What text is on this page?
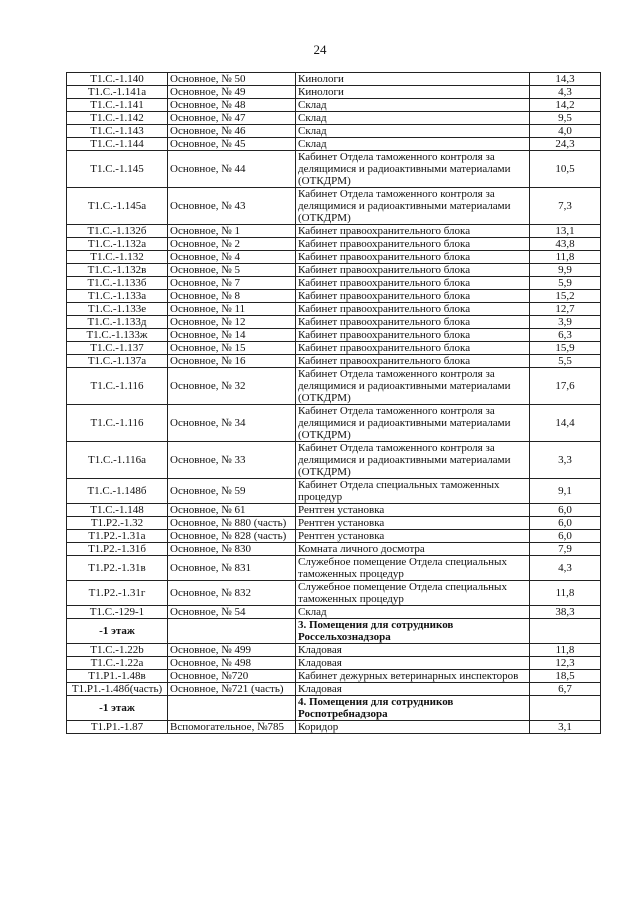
24
Т1.С.-1.140	Основное, № 50	Кинологи	14,3
Т1.С.-1.141а	Основное, № 49	Кинологи	4,3
Т1.С.-1.141	Основное, № 48	Склад	14,2
Т1.С.-1.142	Основное, № 47	Склад	9,5
Т1.С.-1.143	Основное, № 46	Склад	4,0
Т1.С.-1.144	Основное, № 45	Склад	24,3
Т1.С.-1.145	Основное, № 44	Кабинет Отдела таможенного контроля за делящимися и радиоактивными материалами (ОТКДРМ)	10,5
Т1.С.-1.145а	Основное, № 43	Кабинет Отдела таможенного контроля за делящимися и радиоактивными материалами (ОТКДРМ)	7,3
Т1.С.-1.132б	Основное, № 1	Кабинет правоохранительного блока	13,1
Т1.С.-1.132а	Основное, № 2	Кабинет правоохранительного блока	43,8
Т1.С.-1.132	Основное, № 4	Кабинет правоохранительного блока	11,8
Т1.С.-1.132в	Основное, № 5	Кабинет правоохранительного блока	9,9
Т1.С.-1.133б	Основное, № 7	Кабинет правоохранительного блока	5,9
Т1.С.-1.133а	Основное, № 8	Кабинет правоохранительного блока	15,2
Т1.С.-1.133е	Основное, № 11	Кабинет правоохранительного блока	12,7
Т1.С.-1.133д	Основное, № 12	Кабинет правоохранительного блока	3,9
Т1.С.-1.133ж	Основное, № 14	Кабинет правоохранительного блока	6,3
Т1.С.-1.137	Основное, № 15	Кабинет правоохранительного блока	15,9
Т1.С.-1.137а	Основное, № 16	Кабинет правоохранительного блока	5,5
Т1.С.-1.116	Основное, № 32	Кабинет Отдела таможенного контроля за делящимися и радиоактивными материалами (ОТКДРМ)	17,6
Т1.С.-1.116	Основное, № 34	Кабинет Отдела таможенного контроля за делящимися и радиоактивными материалами (ОТКДРМ)	14,4
Т1.С.-1.116а	Основное, № 33	Кабинет Отдела таможенного контроля за делящимися и радиоактивными материалами (ОТКДРМ)	3,3
Т1.С.-1.148б	Основное, № 59	Кабинет Отдела специальных таможенных процедур	9,1
Т1.С.-1.148	Основное, № 61	Рентген установка	6,0
Т1.Р2.-1.32	Основное, № 880 (часть)	Рентген установка	6,0
Т1.Р2.-1.31а	Основное, № 828 (часть)	Рентген установка	6,0
Т1.Р2.-1.31б	Основное, № 830	Комната личного досмотра	7,9
Т1.Р2.-1.31в	Основное, № 831	Служебное помещение Отдела специальных таможенных процедур	4,3
Т1.Р2.-1.31г	Основное, № 832	Служебное помещение Отдела специальных таможенных процедур	11,8
Т1.С.-129-1	Основное, № 54	Склад	38,3
-1 этаж		3. Помещения для сотрудников Россельхознадзора	
Т1.С.-1.22b	Основное, № 499	Кладовая	11,8
Т1.С.-1.22а	Основное, № 498	Кладовая	12,3
Т1.Р1.-1.48в	Основное, №720	Кабинет дежурных ветеринарных инспекторов	18,5
Т1.Р1.-1.48б(часть)	Основное, №721 (часть)	Кладовая	6,7
-1 этаж		4. Помещения для сотрудников Роспотребнадзора	
Т1.Р1.-1.87	Вспомогательное, №785	Коридор	3,1
